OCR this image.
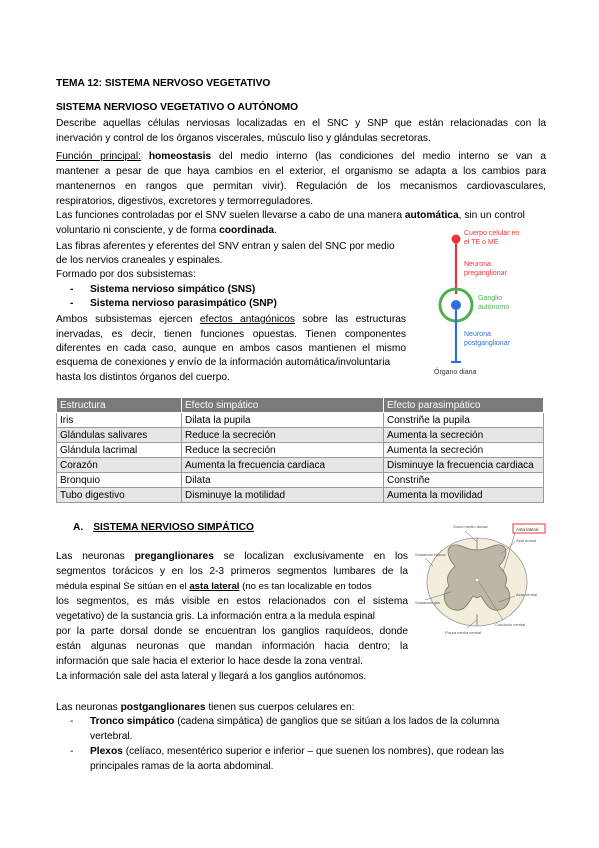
TEMA 12: SISTEMA NERVOSO VEGETATIVO
SISTEMA NERVIOSO VEGETATIVO O AUTÓNOMO
Describe aquellas células nerviosas localizadas en el SNC y SNP que están relacionadas con la
inervación y control de los órganos viscerales, músculo liso y glándulas secretoras.
Función principal: homeostasis del medio interno (las condiciones del medio interno se van a
mantener a pesar de que haya cambios en el exterior, el organismo se adapta a los cambios para
mantenernos en rangos que permitan vivir). Regulación de los mecanismos cardiovasculares,
respiratorios, digestivos, excretores y termorreguladores.
Las funciones controladas por el SNV suelen llevarse a cabo de una manera automática, sin un control
voluntario ni consciente, y de forma coordinada.
Las fibras aferentes y eferentes del SNV entran y salen del SNC por medio
de los nervios craneales y espinales.
Formado por dos subsistemas:
- Sistema nervioso simpático (SNS)
- Sistema nervioso parasimpático (SNP)
Ambos subsistemas ejercen efectos antagónicos sobre las estructuras
inervadas, es decir, tienen funciones opuestas. Tienen componentes
diferentes en cada caso, aunque en ambos casos mantienen el mismo
esquema de conexiones y envío de la información automática/involuntaria
hasta los distintos órganos del cuerpo.
Cuerpo celular en
el TE o ME
Neurona
preganglionar
Ganglio
autónomo
Neurona
postganglionar
Órgano diana
Estructura	Efecto simpático	Efecto parasimpático
Iris	Dilata la pupila	Constriñe la pupila
Glándulas salivares	Reduce la secreción	Aumenta la secreción
Glándula lacrimal	Reduce la secreción	Aumenta la secreción
Corazón	Aumenta la frecuencia cardiaca	Disminuye la frecuencia cardiaca
Bronquio	Dilata	Constriñe
Tubo digestivo	Disminuye la motilidad	Aumenta la movilidad
A. SISTEMA NERVIOSO SIMPÁTICO
Las neuronas preganglionares se localizan exclusivamente en los
segmentos torácicos y en los 2-3 primeros segmentos lumbares de la
médula espinal Se sitúan en el asta lateral (no es tan localizable en todos
los segmentos, es más visible en estos relacionados con el sistema
vegetativo) de la sustancia gris. La información entra a la medula espinal
por la parte dorsal donde se encuentran los ganglios raquídeos, donde
están algunas neuronas que mandan información hacia dentro; la
información que sale hacia el exterior lo hace desde la zona ventral.
La información sale del asta lateral y llegará a los ganglios autónomos.
Las neuronas postganglionares tienen sus cuerpos celulares en:
- Tronco simpático (cadena simpática) de ganglios que se sitúan a los lados de la columna
vertebral.
- Plexos (celíaco, mesentérico superior e inferior – que suenen los nombres), que rodean las
principales ramas de la aorta abdominal.
Surco medio dorsal
Asta lateral
Asta dorsal
Asta ventral
Conducto central
Fisura media ventral
Sustancia blanca
Sustancia gris
